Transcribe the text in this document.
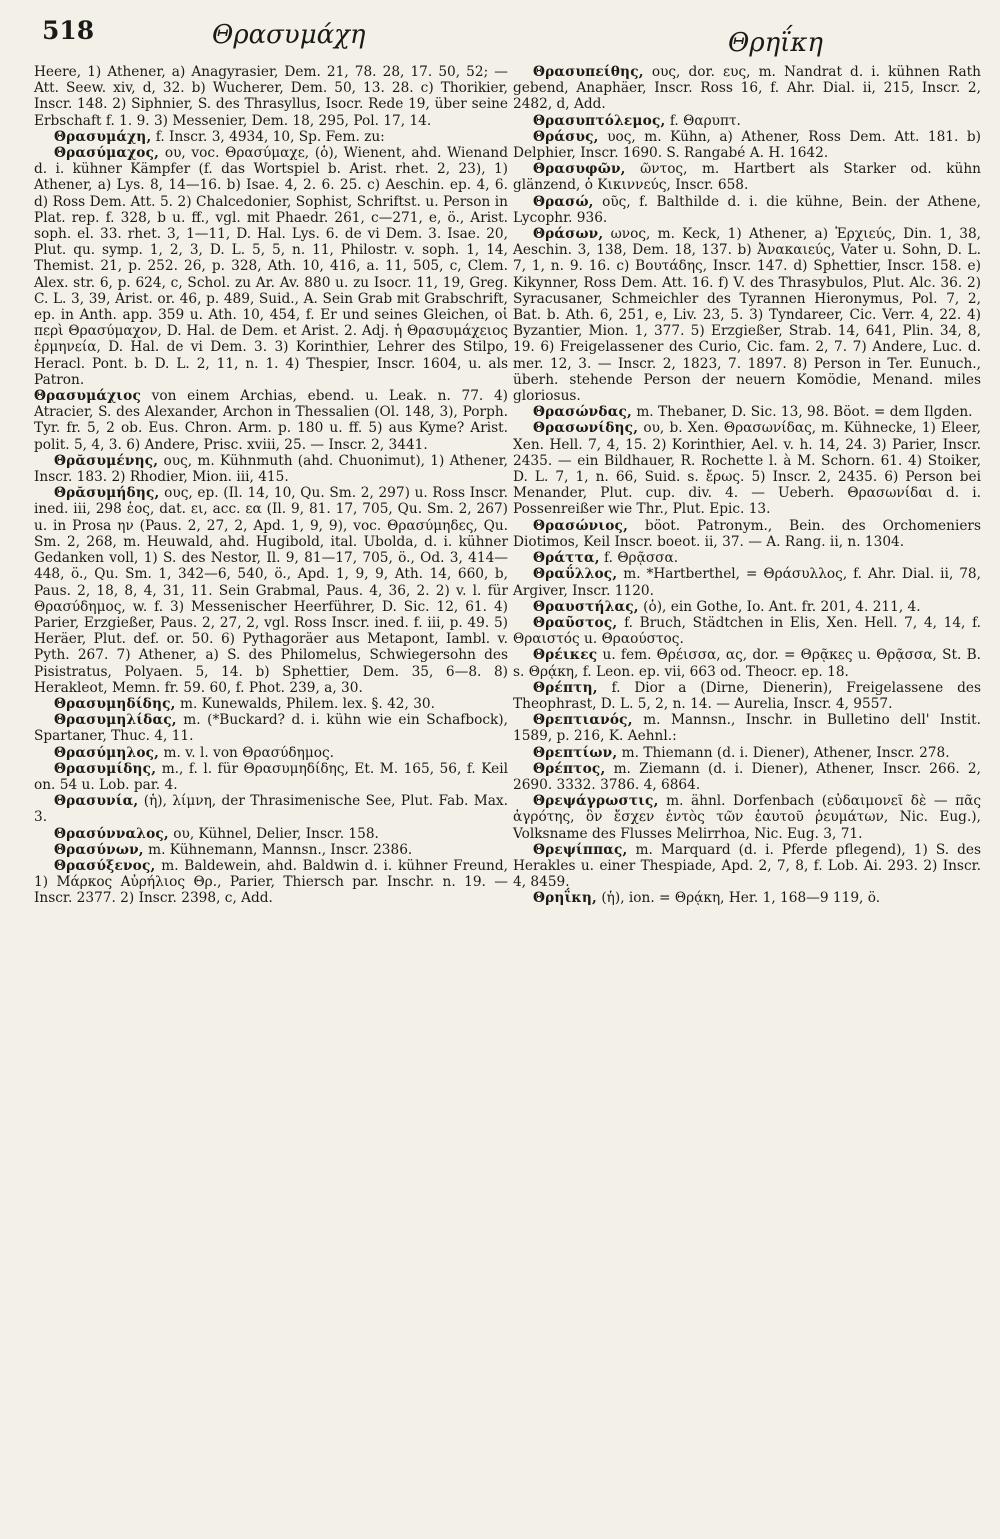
518	Θρασυμάχη	Θρηΐκη

Heere, 1) Athener, a) Anagyrasier, Dem. 21, 78. 28, 17. 50, 52; — Att. Seew. xiv, d, 32. b) Wucherer, Dem. 50, 13. 28. c) Thorikier, Inscr. 148. 2) Siphnier, S. des Thrasyllus, Isocr. Rede 19, über seine Erbschaft f. 1. 9. 3) Messenier, Dem. 18, 295, Pol. 17, 14.

Θρασυμάχη, f. Inscr. 3, 4934, 10, Sp. Fem. zu:

Θρασύμαχος, ου, voc. Θρασύμαχε, (ὁ), Wienent, ahd. Wienand d. i. kühner Kämpfer (f. das Wortspiel b. Arist. rhet. 2, 23), 1) Athener, a) Lys. 8, 14—16. b) Isae. 4, 2. 6. 25. c) Aeschin. ep. 4, 6. d) Ross Dem. Att. 5. 2) Chalcedonier, Sophist, Schriftst. u. Person in Plat. rep. f. 328, b u. ff., vgl. mit Phaedr. 261, c—271, e, ö., Arist. soph. el. 33. rhet. 3, 1—11, D. Hal. Lys. 6. de vi Dem. 3. Isae. 20, Plut. qu. symp. 1, 2, 3, D. L. 5, 5, n. 11, Philostr. v. soph. 1, 14, Themist. 21, p. 252. 26, p. 328, Ath. 10, 416, a. 11, 505, c, Clem. Alex. str. 6, p. 624, c, Schol. zu Ar. Av. 880 u. zu Isocr. 11, 19, Greg. C. L. 3, 39, Arist. or. 46, p. 489, Suid., A. Sein Grab mit Grabschrift, ep. in Anth. app. 359 u. Ath. 10, 454, f. Er und seines Gleichen, οἱ περὶ Θρασύμαχον, D. Hal. de Dem. et Arist. 2. Adj. ἡ Θρασυμάχειος ἑρμηνεία, D. Hal. de vi Dem. 3. 3) Korinthier, Lehrer des Stilpo, Heracl. Pont. b. D. L. 2, 11, n. 1. 4) Thespier, Inscr. 1604, u. als Patron.

Θρασυμάχιος von einem Archias, ebend. u. Leak. n. 77. 4) Atracier, S. des Alexander, Archon in Thessalien (Ol. 148, 3), Porph. Tyr. fr. 5, 2 ob. Eus. Chron. Arm. p. 180 u. ff. 5) aus Kyme? Arist. polit. 5, 4, 3. 6) Andere, Prisc. xviii, 25. — Inscr. 2, 3441.

Θρᾰσυμένης, ους, m. Kühnmuth (ahd. Chuonimut), 1) Athener, Inscr. 183. 2) Rhodier, Mion. iii, 415.

Θρᾰσυμήδης, ους, ep. (Il. 14, 10, Qu. Sm. 2, 297) u. Ross Inscr. ined. iii, 298 ἑος, dat. ει, acc. εα (Il. 9, 81. 17, 705, Qu. Sm. 2, 267) u. in Prosa ην (Paus. 2, 27, 2, Apd. 1, 9, 9), voc. Θρασύμηδες, Qu. Sm. 2, 268, m. Heuwald, ahd. Hugibold, ital. Ubolda, d. i. kühner Gedanken voll, 1) S. des Nestor, Il. 9, 81—17, 705, ö., Od. 3, 414—448, ö., Qu. Sm. 1, 342—6, 540, ö., Apd. 1, 9, 9, Ath. 14, 660, b, Paus. 2, 18, 8, 4, 31, 11. Sein Grabmal, Paus. 4, 36, 2. 2) v. l. für Θρασύδημος, w. f. 3) Messenischer Heerführer, D. Sic. 12, 61. 4) Parier, Erzgießer, Paus. 2, 27, 2, vgl. Ross Inscr. ined. f. iii, p. 49. 5) Heräer, Plut. def. or. 50. 6) Pythagoräer aus Metapont, Iambl. v. Pyth. 267. 7) Athener, a) S. des Philomelus, Schwiegersohn des Pisistratus, Polyaen. 5, 14. b) Sphettier, Dem. 35, 6—8. 8) Herakleot, Memn. fr. 59. 60, f. Phot. 239, a, 30.

Θρασυμηδίδης, m. Kunewalds, Philem. lex. §. 42, 30.

Θρασυμηλίδας, m. (*Buckard? d. i. kühn wie ein Schafbock), Spartaner, Thuc. 4, 11.

Θρασύμηλος, m. v. l. von Θρασύδημος.

Θρασυμίδης, m., f. l. für Θρασυμηδίδης, Et. M. 165, 56, f. Keil on. 54 u. Lob. par. 4.

Θρασυνία, (ἡ), λίμνη, der Thrasimenische See, Plut. Fab. Max. 3.

Θρασύνναλος, ου, Kühnel, Delier, Inscr. 158.

Θρασύνων, m. Kühnemann, Mannsn., Inscr. 2386.

Θρασύξενος, m. Baldewein, ahd. Baldwin d. i. kühner Freund, 1) Μάρκος Αὐρήλιος Θρ., Parier, Thiersch par. Inschr. n. 19. — Inscr. 2377. 2) Inscr. 2398, c, Add.

Θρασυπείθης, ους, dor. ευς, m. Nandrat d. i. kühnen Rath gebend, Anaphäer, Inscr. Ross 16, f. Ahr. Dial. ii, 215, Inscr. 2, 2482, d, Add.

Θρασυπτόλεμος, f. Θαρυπτ.

Θράσυς, υος, m. Kühn, a) Athener, Ross Dem. Att. 181. b) Delphier, Inscr. 1690. S. Rangabé A. H. 1642.

Θρασυφῶν, ῶντος, m. Hartbert als Starker od. kühn glänzend, ὁ Κικιννεύς, Inscr. 658.

Θρασώ, οῦς, f. Balthilde d. i. die kühne, Bein. der Athene, Lycophr. 936.

Θράσων, ωνος, m. Keck, 1) Athener, a) Ἑρχιεύς, Din. 1, 38, Aeschin. 3, 138, Dem. 18, 137. b) Ἀνακαιεύς, Vater u. Sohn, D. L. 7, 1, n. 9. 16. c) Βουτάδης, Inscr. 147. d) Sphettier, Inscr. 158. e) Kikynner, Ross Dem. Att. 16. f) V. des Thrasybulos, Plut. Alc. 36. 2) Syracusaner, Schmeichler des Tyrannen Hieronymus, Pol. 7, 2, Bat. b. Ath. 6, 251, e, Liv. 23, 5. 3) Tyndareer, Cic. Verr. 4, 22. 4) Byzantier, Mion. 1, 377. 5) Erzgießer, Strab. 14, 641, Plin. 34, 8, 19. 6) Freigelassener des Curio, Cic. fam. 2, 7. 7) Andere, Luc. d. mer. 12, 3. — Inscr. 2, 1823, 7. 1897. 8) Person in Ter. Eunuch., überh. stehende Person der neuern Komödie, Menand. miles gloriosus.

Θρασώνδας, m. Thebaner, D. Sic. 13, 98. Böot. = dem Ilgden.

Θρασωνίδης, ου, b. Xen. Θρασωνίδας, m. Kühnecke, 1) Eleer, Xen. Hell. 7, 4, 15. 2) Korinthier, Ael. v. h. 14, 24. 3) Parier, Inscr. 2435. — ein Bildhauer, R. Rochette l. à M. Schorn. 61. 4) Stoiker, D. L. 7, 1, n. 66, Suid. s. ἔρως. 5) Inscr. 2, 2435. 6) Person bei Menander, Plut. cup. div. 4. — Ueberh. Θρασωνίδαι d. i. Possenreißer wie Thr., Plut. Epic. 13.

Θρασώνιος, böot. Patronym., Bein. des Orchomeniers Diotimos, Keil Inscr. boeot. ii, 37. — A. Rang. ii, n. 1304.

Θράττα, f. Θρᾷσσα.

Θραΰλλος, m. *Hartberthel, = Θράσυλλος, f. Ahr. Dial. ii, 78, Argiver, Inscr. 1120.

Θραυστήλας, (ὁ), ein Gothe, Io. Ant. fr. 201, 4. 211, 4.

Θραῦστος, f. Bruch, Städtchen in Elis, Xen. Hell. 7, 4, 14, f. Θραιστός u. Θραούστος.

Θρέικες u. fem. Θρέισσα, ας, dor. = Θρᾷκες u. Θρᾷσσα, St. B. s. Θρᾴκη, f. Leon. ep. vii, 663 od. Theocr. ep. 18.

Θρέπτη, f. Dior a (Dirne, Dienerin), Freigelassene des Theophrast, D. L. 5, 2, n. 14. — Aurelia, Inscr. 4, 9557.

Θρεπτιανός, m. Mannsn., Inschr. in Bulletino dell' Instit. 1589, p. 216, K. Aehnl.:

Θρεπτίων, m. Thiemann (d. i. Diener), Athener, Inscr. 278.

Θρέπτος, m. Ziemann (d. i. Diener), Athener, Inscr. 266. 2, 2690. 3332. 3786. 4, 6864.

Θρεψάγρωστις, m. ähnl. Dorfenbach (εὐδαιμονεῖ δὲ — πᾶς ἀγρότης, ὃν ἔσχεν ἐντὸς τῶν ἑαυτοῦ ῥευμάτων, Nic. Eug.), Volksname des Flusses Melirrhoa, Nic. Eug. 3, 71.

Θρεψίππας, m. Marquard (d. i. Pferde pflegend), 1) S. des Herakles u. einer Thespiade, Apd. 2, 7, 8, f. Lob. Ai. 293. 2) Inscr. 4, 8459.

Θρηΐκη, (ἡ), ion. = Θρᾴκη, Her. 1, 168—9 119, ö.
